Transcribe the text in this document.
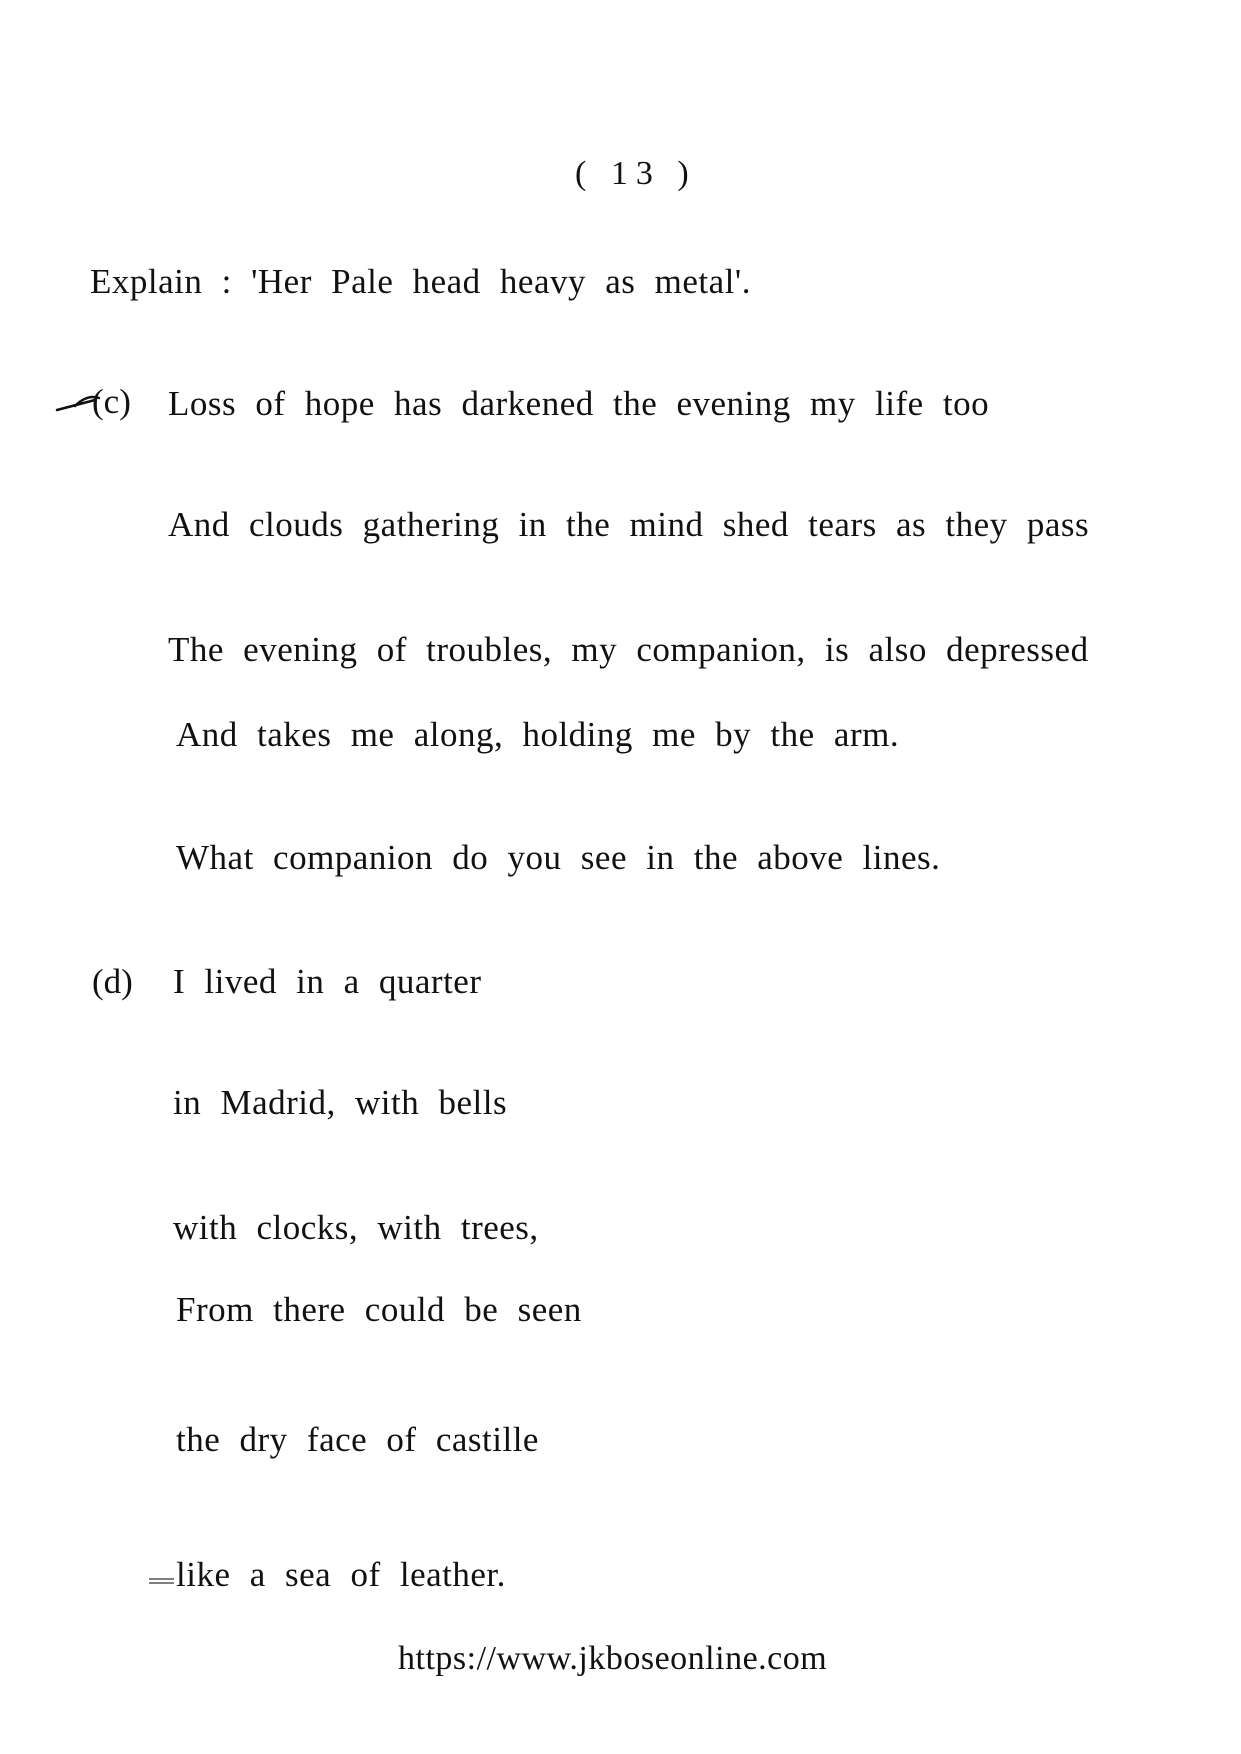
( 13 )
Explain : 'Her Pale head heavy as metal'.
(c) Loss of hope has darkened the evening my life too
And clouds gathering in the mind shed tears as they pass
The evening of troubles, my companion, is also depressed
And takes me along, holding me by the arm.
What companion do you see in the above lines.
(d) I lived in a quarter
in Madrid, with bells
with clocks, with trees,
From there could be seen
the dry face of castille
like a sea of leather.
https://www.jkboseonline.com
